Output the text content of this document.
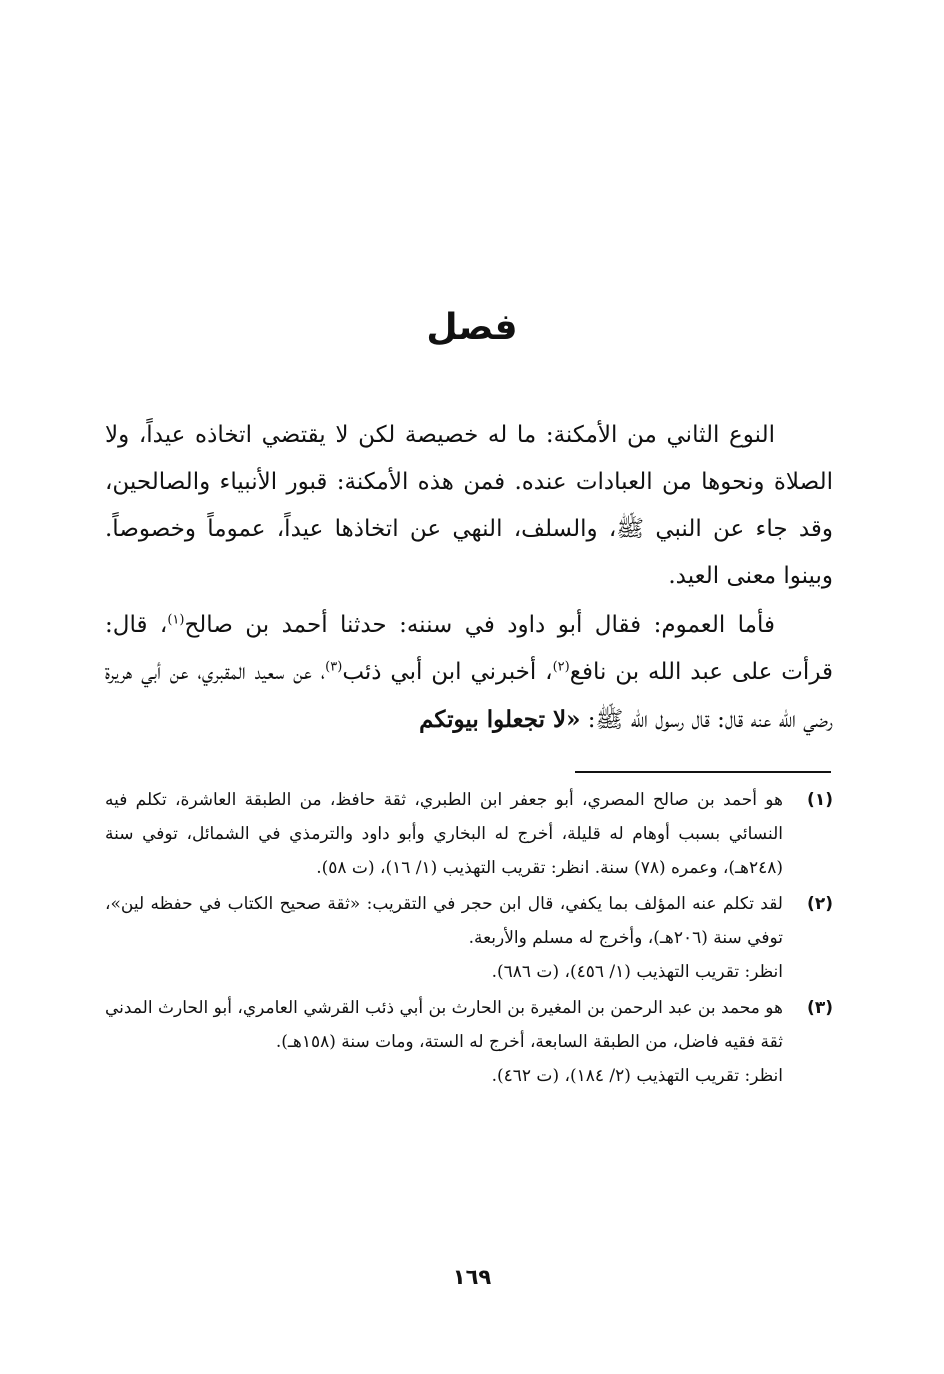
فصل

النوع الثاني من الأمكنة: ما له خصيصة لكن لا يقتضي اتخاذه عيداً، ولا الصلاة ونحوها من العبادات عنده. فمن هذه الأمكنة: قبور الأنبياء والصالحين، وقد جاء عن النبي ﷺ، والسلف، النهي عن اتخاذها عيداً، عموماً وخصوصاً. وبينوا معنى العيد.

فأما العموم: فقال أبو داود في سننه: حدثنا أحمد بن صالح$^{(١)}$، قال: قرأت على عبد الله بن نافع$^{(٢)}$، أخبرني ابن أبي ذئب$^{(٣)}$، عن سعيد المقبري، عن أبي هريرة رضي الله عنه قال: قال رسول الله ﷺ: «لا تجعلوا بيوتكم

(١)

هو أحمد بن صالح المصري، أبو جعفر ابن الطبري، ثقة حافظ، من الطبقة العاشرة، تكلم فيه النسائي بسبب أوهام له قليلة، أخرج له البخاري وأبو داود والترمذي في الشمائل، توفي سنة (٢٤٨هـ)، وعمره (٧٨) سنة. انظر: تقريب التهذيب (١/ ١٦)، (ت ٥٨).

(٢)

لقد تكلم عنه المؤلف بما يكفي، قال ابن حجر في التقريب: «ثقة صحيح الكتاب في حفظه لين»، توفي سنة (٢٠٦هـ)، وأخرج له مسلم والأربعة.

انظر: تقريب التهذيب (١/ ٤٥٦)، (ت ٦٨٦).

(٣)

هو محمد بن عبد الرحمن بن المغيرة بن الحارث بن أبي ذئب القرشي العامري، أبو الحارث المدني ثقة فقيه فاضل، من الطبقة السابعة، أخرج له الستة، ومات سنة (١٥٨هـ).

انظر: تقريب التهذيب (٢/ ١٨٤)، (ت ٤٦٢).

١٦٩
